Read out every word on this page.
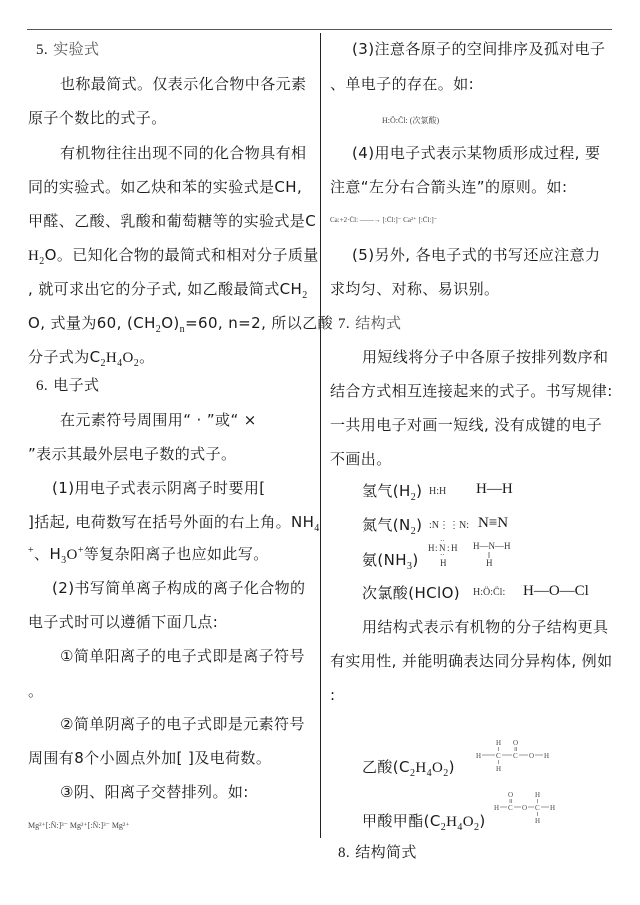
5. 实验式
也称最简式。仅表示化合物中各元素
原子个数比的式子。
有机物往往出现不同的化合物具有相
同的实验式。如乙炔和苯的实验式是CH,
甲醛、乙酸、乳酸和葡萄糖等的实验式是C
$H_2O$。已知化合物的最简式和相对分子质量
, 就可求出它的分子式, 如乙酸最简式$CH_2$
O, 式量为60, $(CH_2O)_n=60$, n=2, 所以乙酸
分子式为$C_2H_4O_2$。
6. 电子式
在元素符号周围用“ · ”或“ ×
”表示其最外层电子数的式子。
(1)用电子式表示阴离子时要用[
]括起, 电荷数写在括号外面的右上角。$NH_4$
+、$H_3O^+$等复杂阳离子也应如此写。
(2)书写简单离子构成的离子化合物的
电子式时可以遵循下面几点:
①简单阳离子的电子式即是离子符号
。
②简单阴离子的电子式即是元素符号
周围有8个小圆点外加[ ]及电荷数。
③阴、阳离子交替排列。如:
Mg²⁺[:N̈:]³⁻ Mg²⁺[:N̈:]³⁻ Mg²⁺
(3)注意各原子的空间排序及孤对电子
、单电子的存在。如:
H:Ö:C̈l: (次氯酸)
(4)用电子式表示某物质形成过程, 要
注意“左分右合箭头连”的原则。如:
Ca:+2·C̈l: ——→ [:C̈l:]⁻ Ca²⁺ [:C̈l:]⁻
(5)另外, 各电子式的书写还应注意力
求均匀、对称、易识别。
7. 结构式
用短线将分子中各原子按排列数序和
结合方式相互连接起来的式子。书写规律:
一共用电子对画一短线, 没有成键的电子
不画出。
氢气$(H_2)$ H:H H—H
氮气$(N_2)$ :N⋮⋮N: N≡N
氨$(NH_3)$
H : N : H
··
··
H
H—N—H
H
次氯酸(HClO) H:Ö:C̈l: H—O—Cl
用结构式表示有机物的分子结构更具
有实用性, 并能明确表达同分异构体, 例如
:
乙酸$(C_2H_4O_2)$
H O
H C C O H
H
甲酸甲酯$(C_2H_4O_2)$
O	H
H C O C H
H
8. 结构简式
